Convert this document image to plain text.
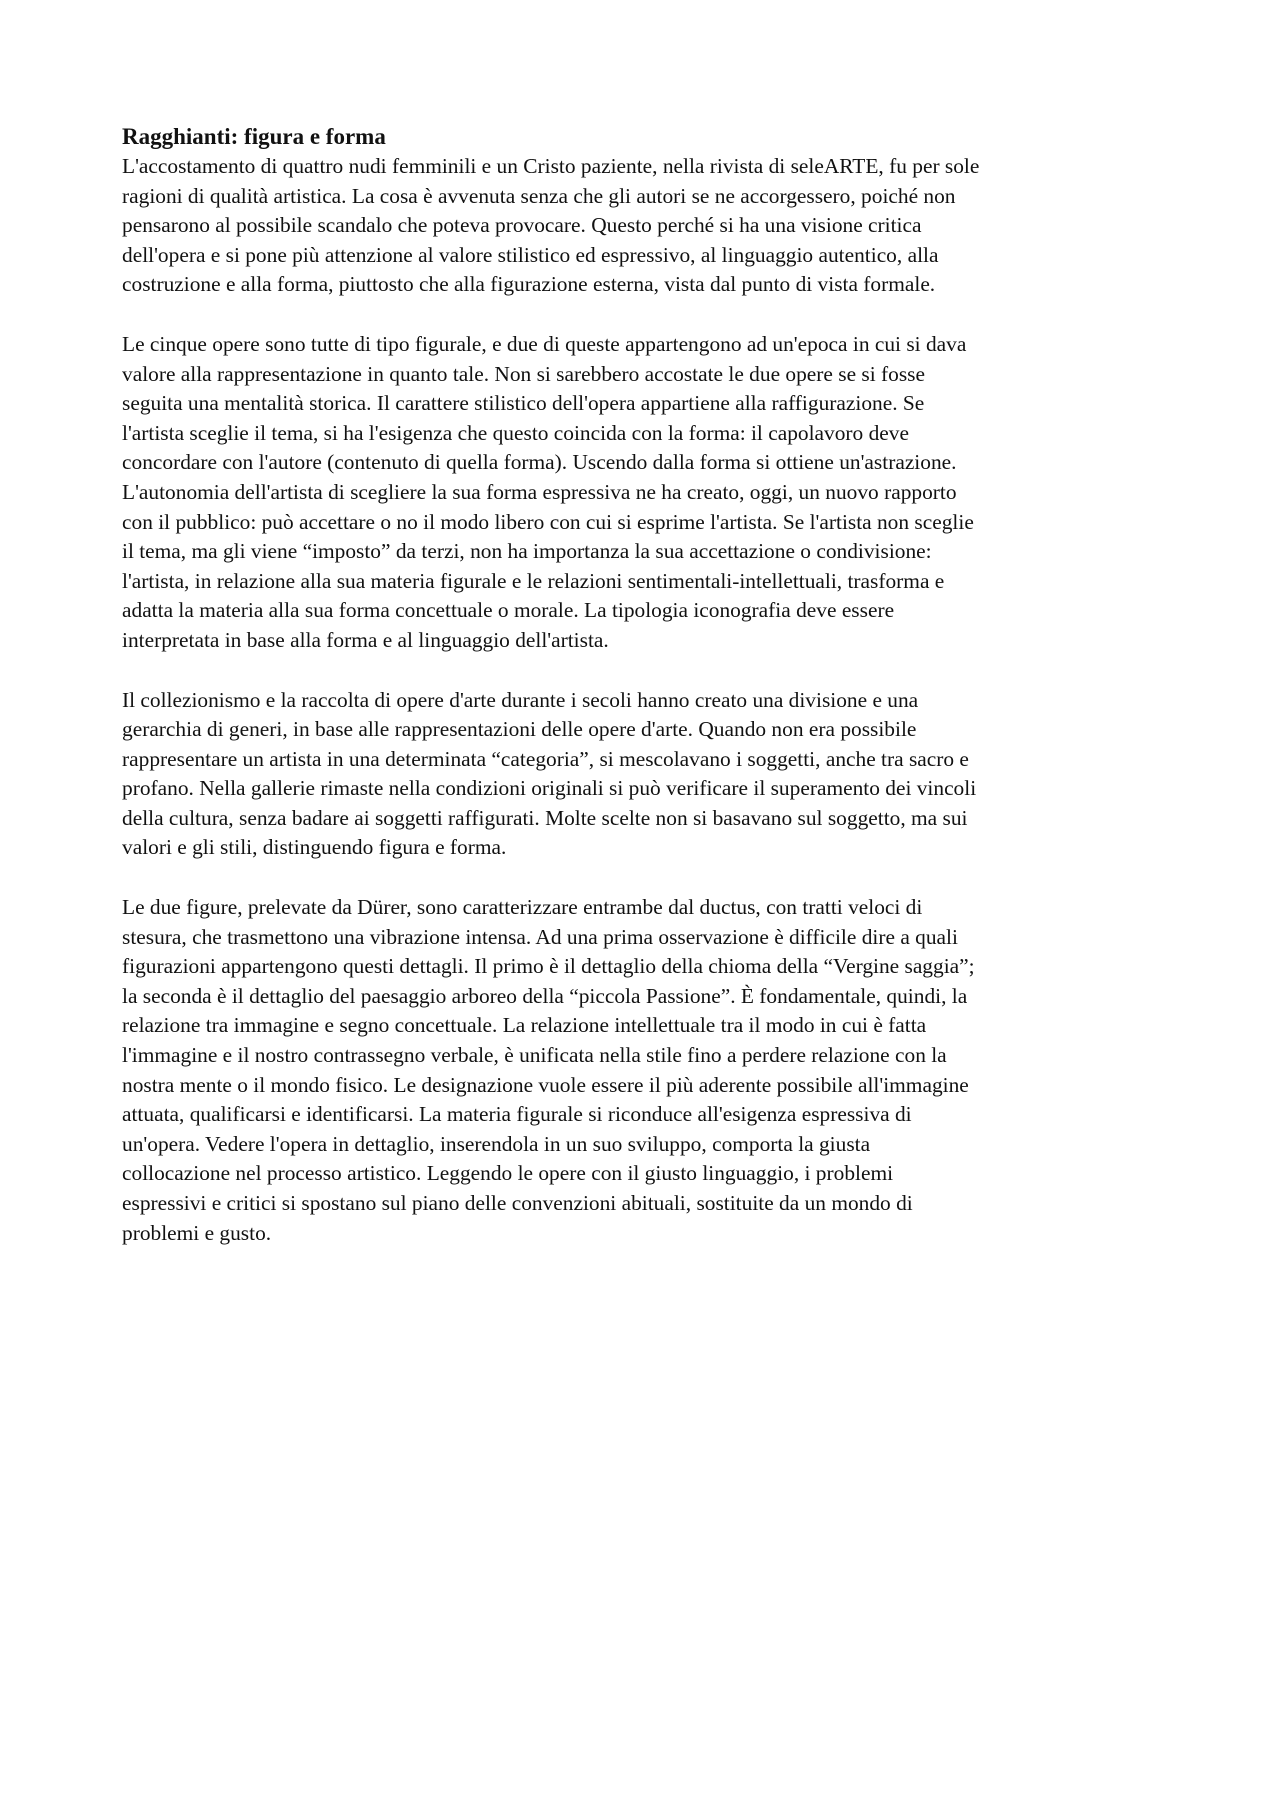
Ragghianti: figura e forma

L'accostamento di quattro nudi femminili e un Cristo paziente, nella rivista di seleARTE, fu per sole
ragioni di qualità artistica. La cosa è avvenuta senza che gli autori se ne accorgessero, poiché non
pensarono al possibile scandalo che poteva provocare. Questo perché si ha una visione critica
dell'opera e si pone più attenzione al valore stilistico ed espressivo, al linguaggio autentico, alla
costruzione e alla forma, piuttosto che alla figurazione esterna, vista dal punto di vista formale.

Le cinque opere sono tutte di tipo figurale, e due di queste appartengono ad un'epoca in cui si dava
valore alla rappresentazione in quanto tale. Non si sarebbero accostate le due opere se si fosse
seguita una mentalità storica. Il carattere stilistico dell'opera appartiene alla raffigurazione. Se
l'artista sceglie il tema, si ha l'esigenza che questo coincida con la forma: il capolavoro deve
concordare con l'autore (contenuto di quella forma). Uscendo dalla forma si ottiene un'astrazione.
L'autonomia dell'artista di scegliere la sua forma espressiva ne ha creato, oggi, un nuovo rapporto
con il pubblico: può accettare o no il modo libero con cui si esprime l'artista. Se l'artista non sceglie
il tema, ma gli viene “imposto” da terzi, non ha importanza la sua accettazione o condivisione:
l'artista, in relazione alla sua materia figurale e le relazioni sentimentali-intellettuali, trasforma e
adatta la materia alla sua forma concettuale o morale. La tipologia iconografia deve essere
interpretata in base alla forma e al linguaggio dell'artista.

Il collezionismo e la raccolta di opere d'arte durante i secoli hanno creato una divisione e una
gerarchia di generi, in base alle rappresentazioni delle opere d'arte. Quando non era possibile
rappresentare un artista in una determinata “categoria”, si mescolavano i soggetti, anche tra sacro e
profano. Nella gallerie rimaste nella condizioni originali si può verificare il superamento dei vincoli
della cultura, senza badare ai soggetti raffigurati. Molte scelte non si basavano sul soggetto, ma sui
valori e gli stili, distinguendo figura e forma.

Le due figure, prelevate da Dürer, sono caratterizzare entrambe dal ductus, con tratti veloci di
stesura, che trasmettono una vibrazione intensa. Ad una prima osservazione è difficile dire a quali
figurazioni appartengono questi dettagli. Il primo è il dettaglio della chioma della “Vergine saggia”;
la seconda è il dettaglio del paesaggio arboreo della “piccola Passione”. È fondamentale, quindi, la
relazione tra immagine e segno concettuale. La relazione intellettuale tra il modo in cui è fatta
l'immagine e il nostro contrassegno verbale, è unificata nella stile fino a perdere relazione con la
nostra mente o il mondo fisico. Le designazione vuole essere il più aderente possibile all'immagine
attuata, qualificarsi e identificarsi. La materia figurale si riconduce all'esigenza espressiva di
un'opera. Vedere l'opera in dettaglio, inserendola in un suo sviluppo, comporta la giusta
collocazione nel processo artistico. Leggendo le opere con il giusto linguaggio, i problemi
espressivi e critici si spostano sul piano delle convenzioni abituali, sostituite da un mondo di
problemi e gusto.
